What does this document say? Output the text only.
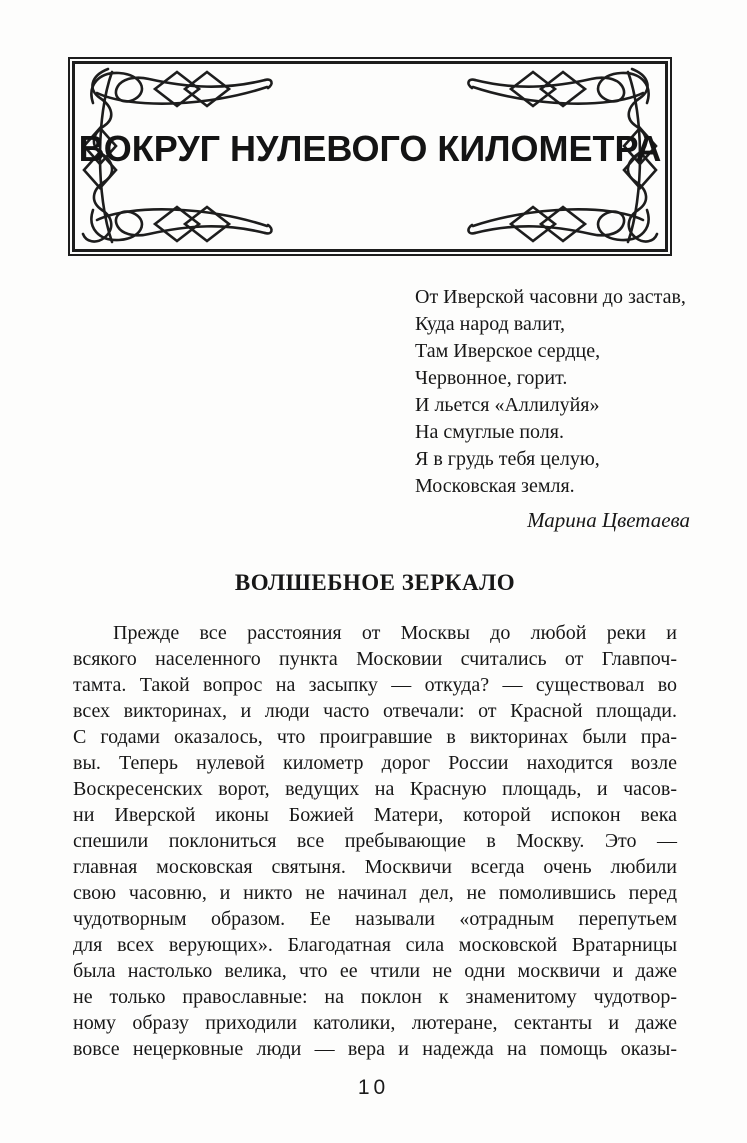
ВОКРУГ НУЛЕВОГО КИЛОМЕТРА
От Иверской часовни до застав,
Куда народ валит,
Там Иверское сердце,
Червонное, горит.
И льется «Аллилуйя»
На смуглые поля.
Я в грудь тебя целую,
Московская земля.
Марина Цветаева
ВОЛШЕБНОЕ ЗЕРКАЛО
Прежде все расстояния от Москвы до любой реки и
всякого населенного пункта Московии считались от Главпоч-
тамта. Такой вопрос на засыпку — откуда? — существовал во
всех викторинах, и люди часто отвечали: от Красной площади.
С годами оказалось, что проигравшие в викторинах были пра-
вы. Теперь нулевой километр дорог России находится возле
Воскресенских ворот, ведущих на Красную площадь, и часов-
ни Иверской иконы Божией Матери, которой испокон века
спешили поклониться все пребывающие в Москву. Это —
главная московская святыня. Москвичи всегда очень любили
свою часовню, и никто не начинал дел, не помолившись перед
чудотворным образом. Ее называли «отрадным перепутьем
для всех верующих». Благодатная сила московской Вратарницы
была настолько велика, что ее чтили не одни москвичи и даже
не только православные: на поклон к знаменитому чудотвор-
ному образу приходили католики, лютеране, сектанты и даже
вовсе нецерковные люди — вера и надежда на помощь оказы-
10
